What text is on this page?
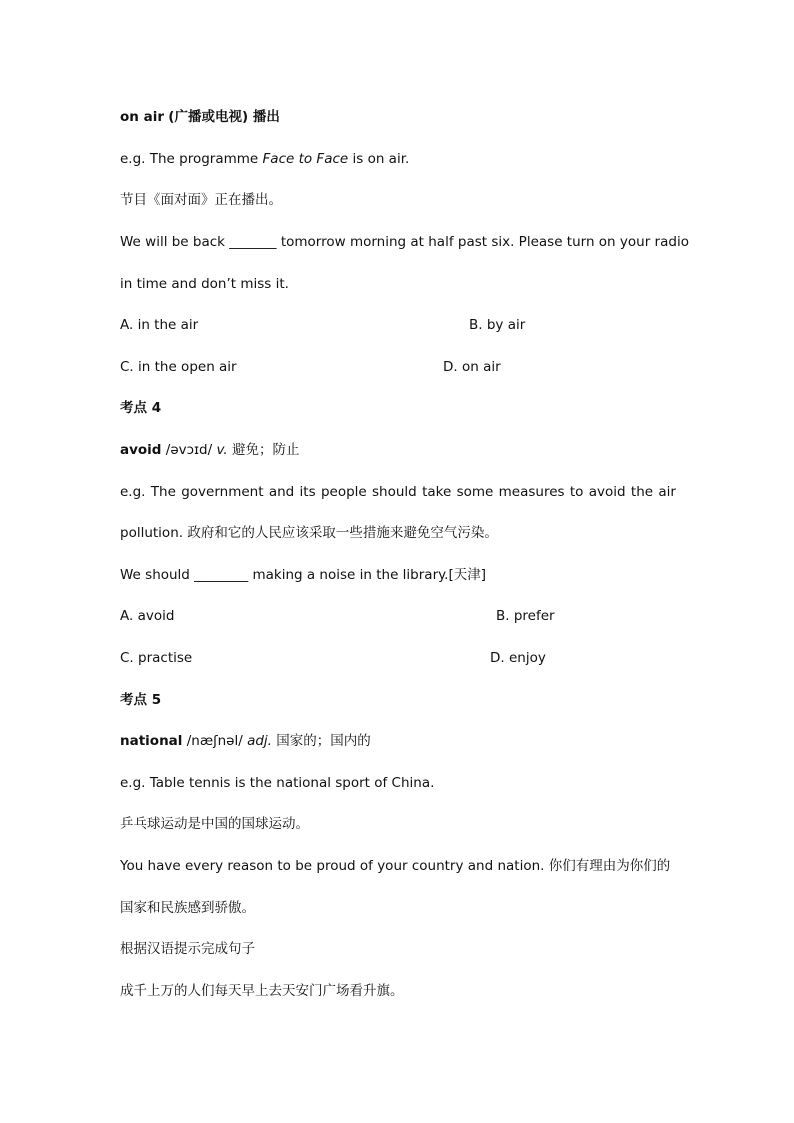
on air (广播或电视) 播出
e.g. The programme Face to Face is on air.
节目《面对面》正在播出。
We will be back _______ tomorrow morning at half past six. Please turn on your radio
in time and don’t miss it.
A. in the air	B. by air
C. in the open air	D. on air
考点 4
avoid /əvɔɪd/ v. 避免；防止
e.g. The government and its people should take some measures to avoid the air
pollution. 政府和它的人民应该采取一些措施来避免空气污染。
We should ________ making a noise in the library.[天津]
A. avoid	B. prefer
C. practise	D. enjoy
考点 5
national /næʃnəl/ adj. 国家的；国内的
e.g. Table tennis is the national sport of China.
乒乓球运动是中国的国球运动。
You have every reason to be proud of your country and nation. 你们有理由为你们的
国家和民族感到骄傲。
根据汉语提示完成句子
成千上万的人们每天早上去天安门广场看升旗。
